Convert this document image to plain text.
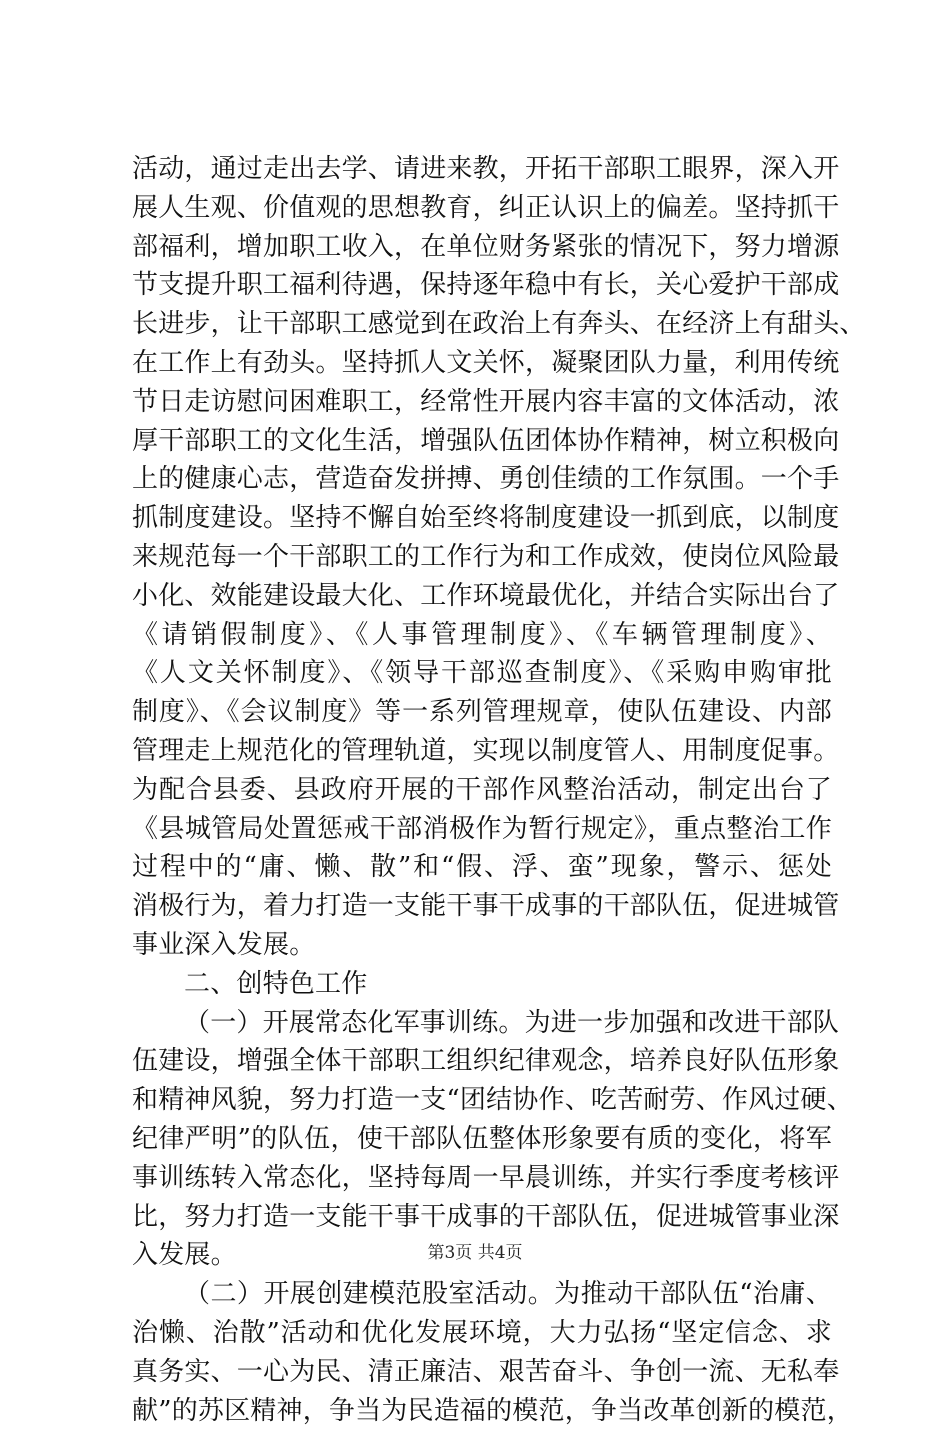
活动，通过走出去学、请进来教，开拓干部职工眼界，深入开
展人生观、价值观的思想教育，纠正认识上的偏差。坚持抓干
部福利，增加职工收入，在单位财务紧张的情况下，努力增源
节支提升职工福利待遇，保持逐年稳中有长，关心爱护干部成
长进步，让干部职工感觉到在政治上有奔头、在经济上有甜头、
在工作上有劲头。坚持抓人文关怀，凝聚团队力量，利用传统
节日走访慰问困难职工，经常性开展内容丰富的文体活动，浓
厚干部职工的文化生活，增强队伍团体协作精神，树立积极向
上的健康心志，营造奋发拼搏、勇创佳绩的工作氛围。一个手
抓制度建设。坚持不懈自始至终将制度建设一抓到底，以制度
来规范每一个干部职工的工作行为和工作成效，使岗位风险最
小化、效能建设最大化、工作环境最优化，并结合实际出台了
《请销假制度》、《人事管理制度》、《车辆管理制度》、
《人文关怀制度》、《领导干部巡查制度》、《采购申购审批
制度》、《会议制度》等一系列管理规章，使队伍建设、内部
管理走上规范化的管理轨道，实现以制度管人、用制度促事。
为配合县委、县政府开展的干部作风整治活动，制定出台了
《县城管局处置惩戒干部消极作为暂行规定》，重点整治工作
过程中的“庸、懒、散”和“假、浮、蛮”现象，警示、惩处
消极行为，着力打造一支能干事干成事的干部队伍，促进城管
事业深入发展。
二、创特色工作
（一）开展常态化军事训练。为进一步加强和改进干部队
伍建设，增强全体干部职工组织纪律观念，培养良好队伍形象
和精神风貌，努力打造一支“团结协作、吃苦耐劳、作风过硬、
纪律严明”的队伍，使干部队伍整体形象要有质的变化，将军
事训练转入常态化，坚持每周一早晨训练，并实行季度考核评
比，努力打造一支能干事干成事的干部队伍，促进城管事业深
入发展。
（二）开展创建模范股室活动。为推动干部队伍“治庸、
治懒、治散”活动和优化发展环境，大力弘扬“坚定信念、求
真务实、一心为民、清正廉洁、艰苦奋斗、争创一流、无私奉
献”的苏区精神，争当为民造福的模范，争当改革创新的模范，
第3页 共4页
